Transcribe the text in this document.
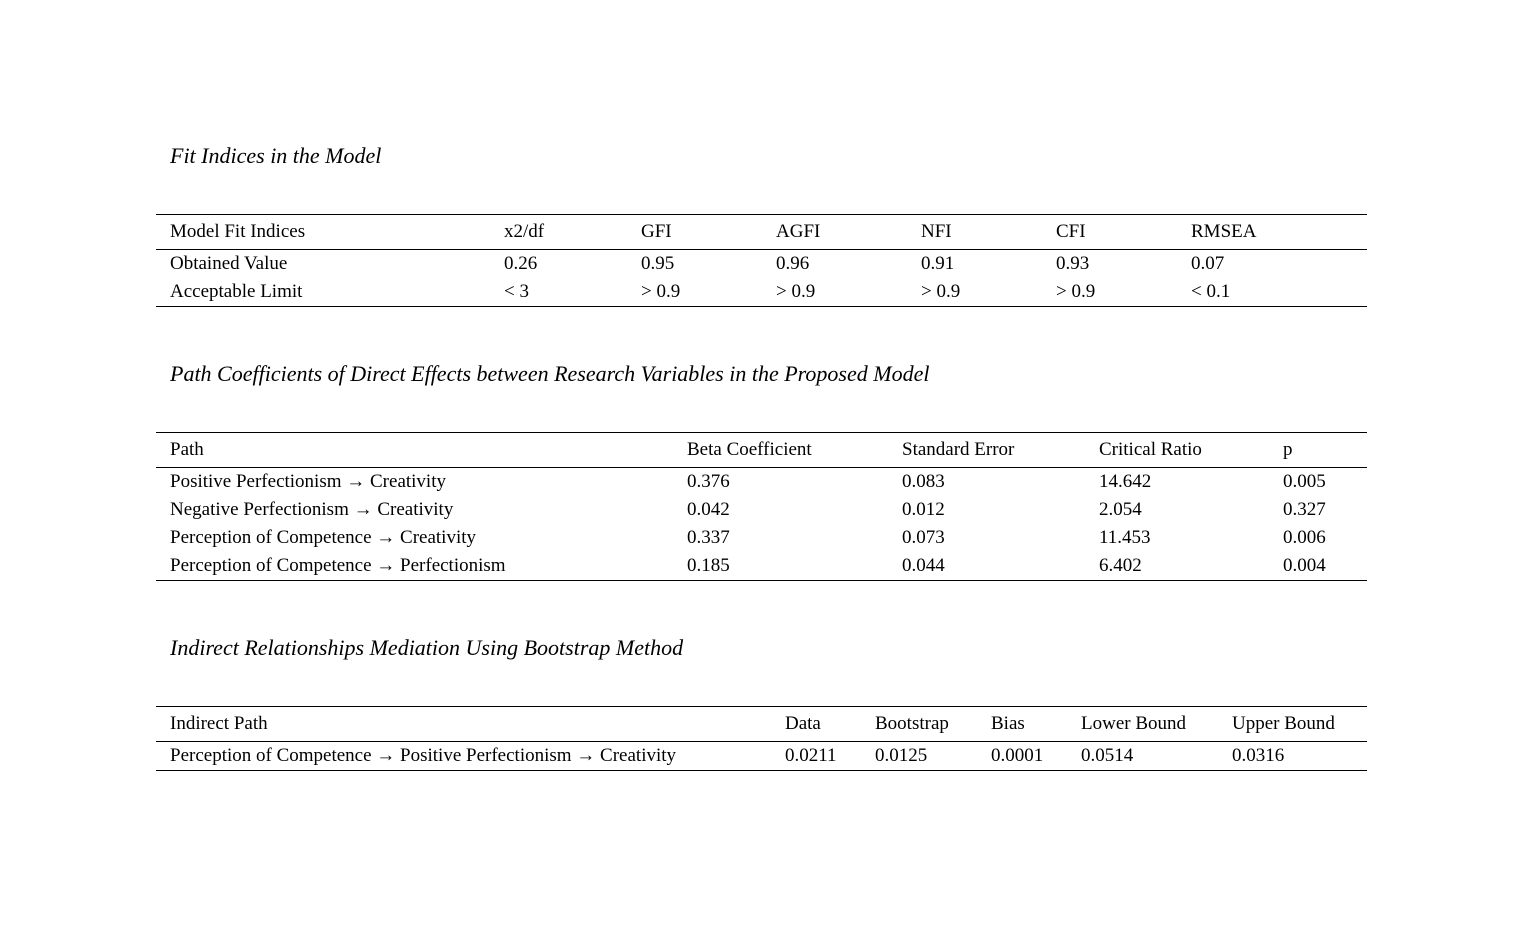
Fit Indices in the Model
Model Fit Indices	x2/df	GFI	AGFI	NFI	CFI	RMSEA
Obtained Value	0.26	0.95	0.96	0.91	0.93	0.07
Acceptable Limit	< 3	> 0.9	> 0.9	> 0.9	> 0.9	< 0.1
Path Coefficients of Direct Effects between Research Variables in the Proposed Model
Path	Beta Coefficient	Standard Error	Critical Ratio	p
Positive Perfectionism → Creativity	0.376	0.083	14.642	0.005
Negative Perfectionism → Creativity	0.042	0.012	2.054	0.327
Perception of Competence → Creativity	0.337	0.073	11.453	0.006
Perception of Competence → Perfectionism	0.185	0.044	6.402	0.004
Indirect Relationships Mediation Using Bootstrap Method
Indirect Path	Data	Bootstrap	Bias	Lower Bound	Upper Bound
Perception of Competence → Positive Perfectionism → Creativity	0.0211	0.0125	0.0001	0.0514	0.0316
